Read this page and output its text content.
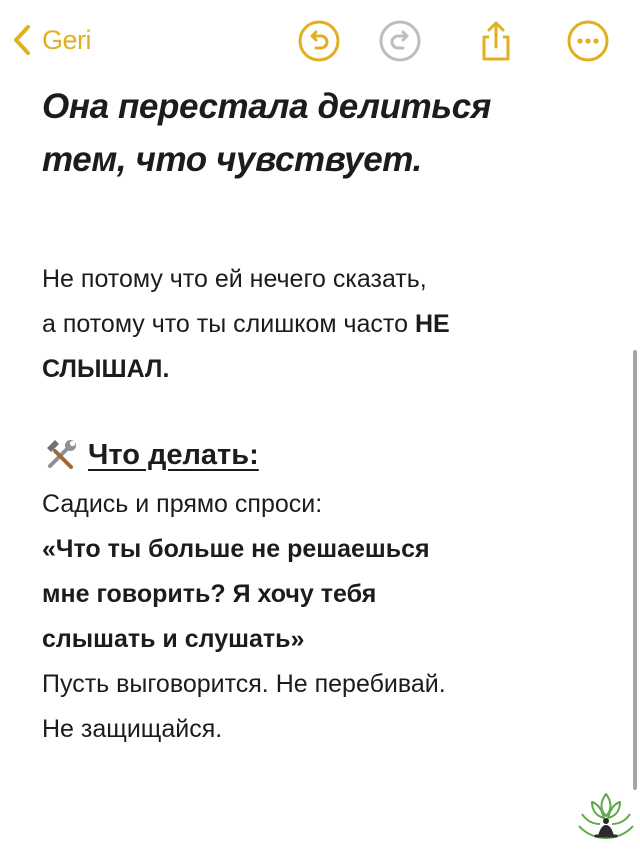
Geri
Она перестала делиться
тем, что чувствует.
Не потому что ей нечего сказать,
а потому что ты слишком часто НЕ
СЛЫШАЛ.
Что делать:
Садись и прямо спроси:

«Что ты больше не решаешься
мне говорить? Я хочу тебя
слышать и слушать»
Пусть выговорится. Не перебивай.
Не защищайся.
